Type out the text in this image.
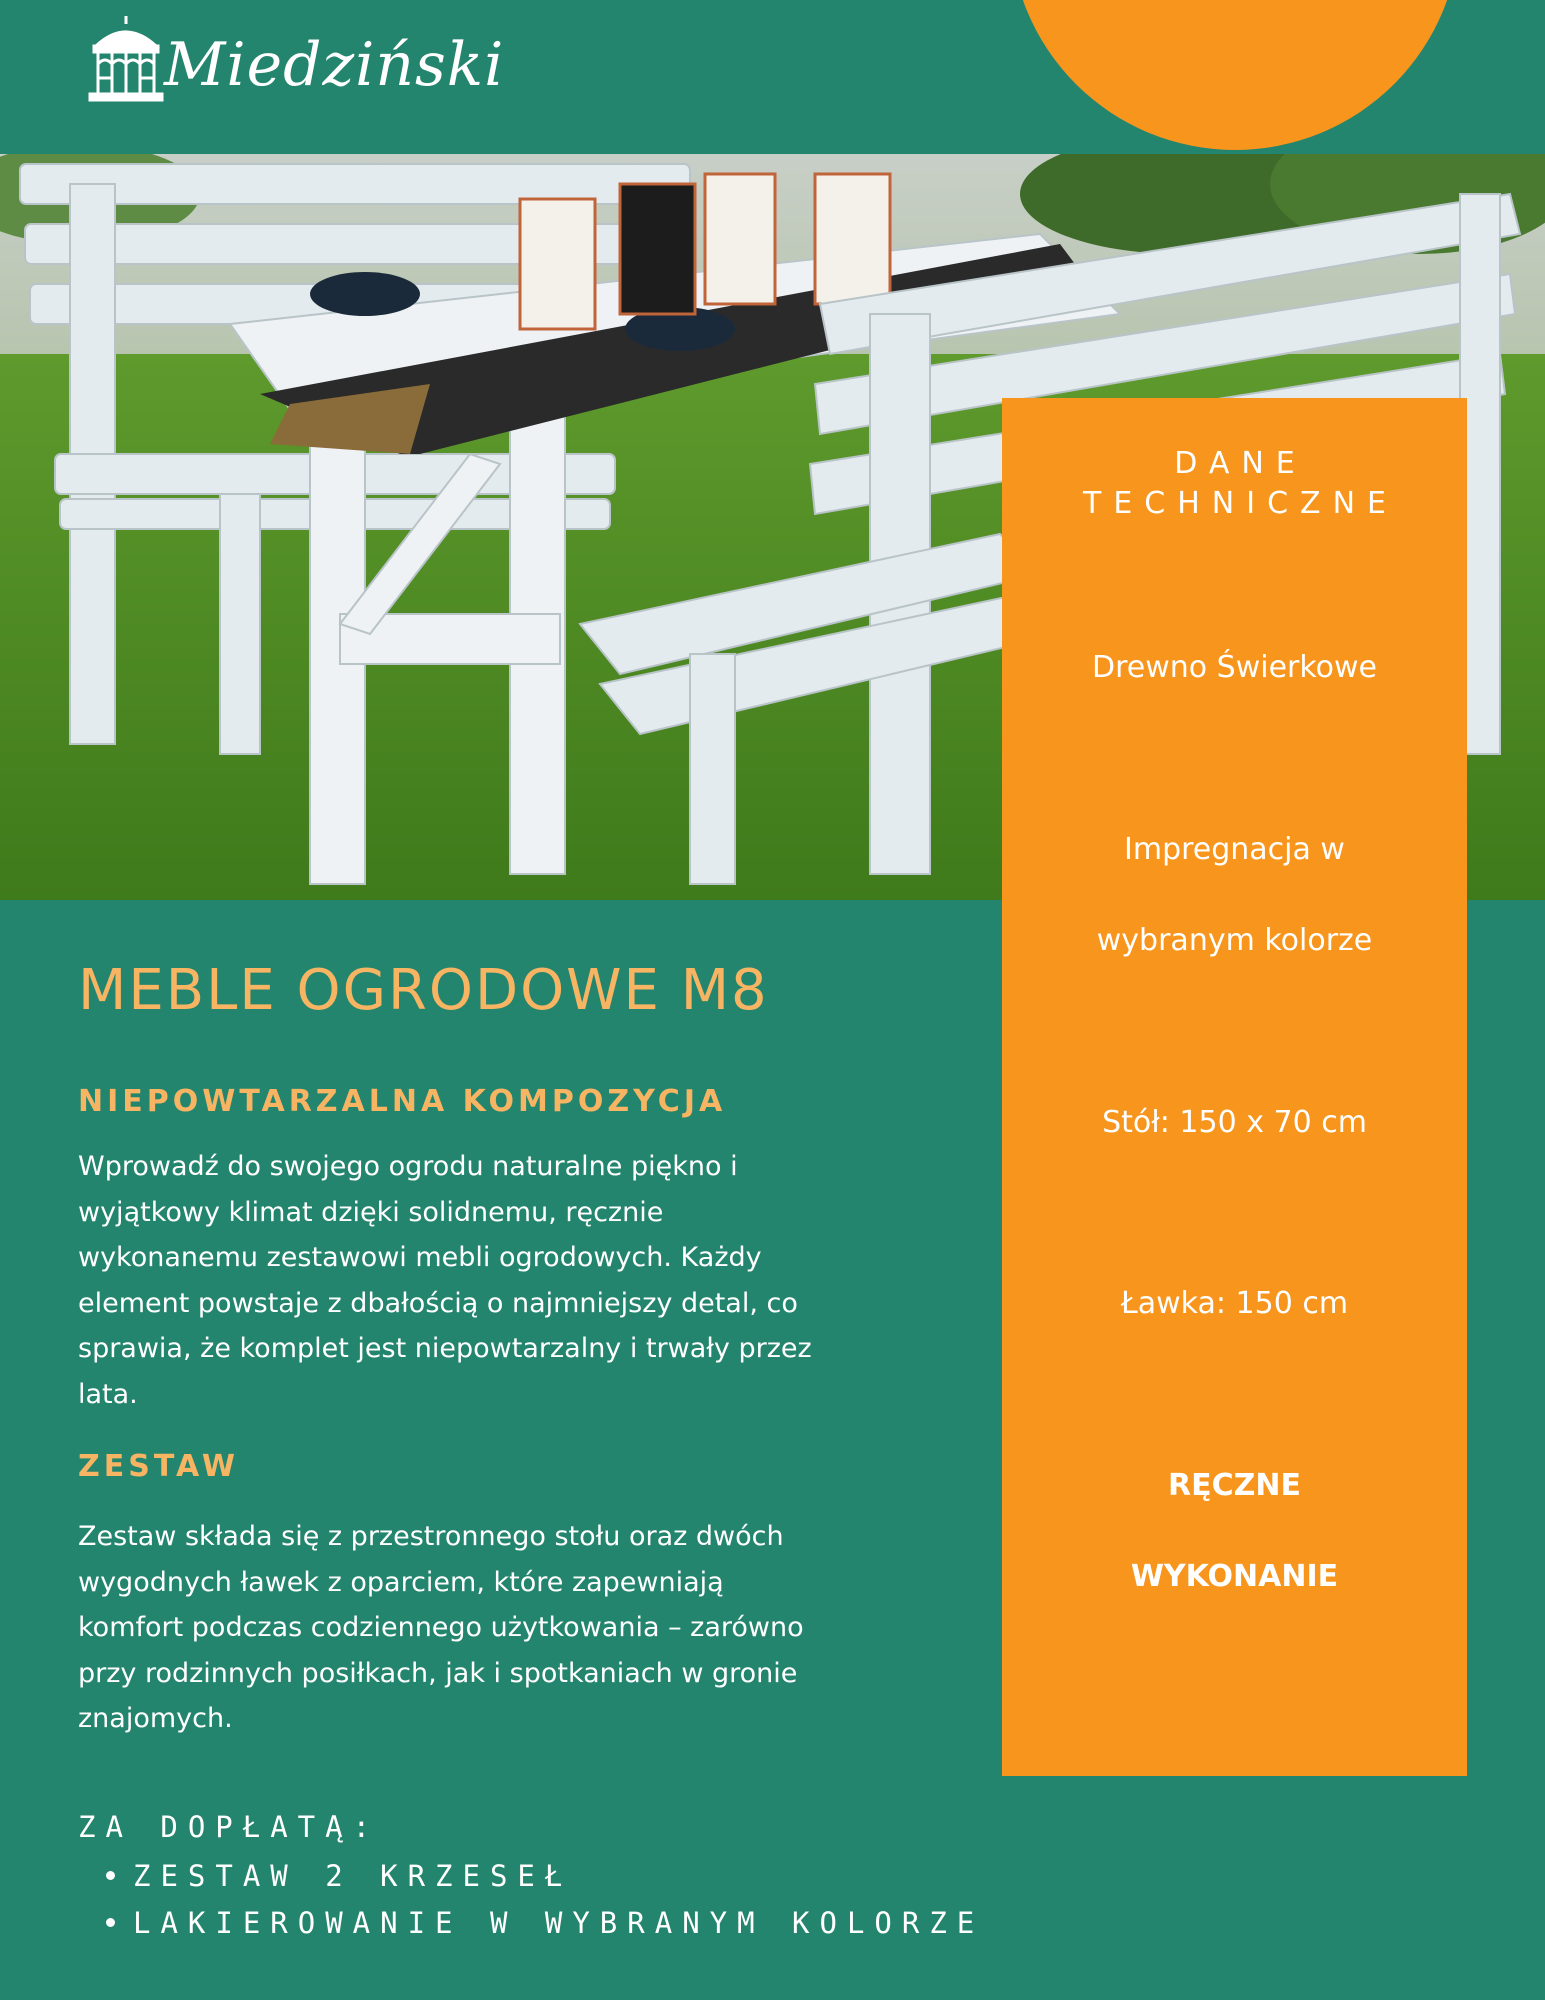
Miedziński
DANE
TECHNICZNE
Drewno Świerkowe
Impregnacja w
wybranym kolorze
Stół: 150 x 70 cm
Ławka: 150 cm
RĘCZNE
WYKONANIE
MEBLE OGRODOWE M8
NIEPOWTARZALNA KOMPOZYCJA
Wprowadź do swojego ogrodu naturalne piękno i
wyjątkowy klimat dzięki solidnemu, ręcznie
wykonanemu zestawowi mebli ogrodowych. Każdy
element powstaje z dbałością o najmniejszy detal, co
sprawia, że komplet jest niepowtarzalny i trwały przez
lata.
ZESTAW
Zestaw składa się z przestronnego stołu oraz dwóch
wygodnych ławek z oparciem, które zapewniają
komfort podczas codziennego użytkowania – zarówno
przy rodzinnych posiłkach, jak i spotkaniach w gronie
znajomych.
ZA DOPŁATĄ:
ZESTAW 2 KRZESEŁ
LAKIEROWANIE W WYBRANYM KOLORZE
